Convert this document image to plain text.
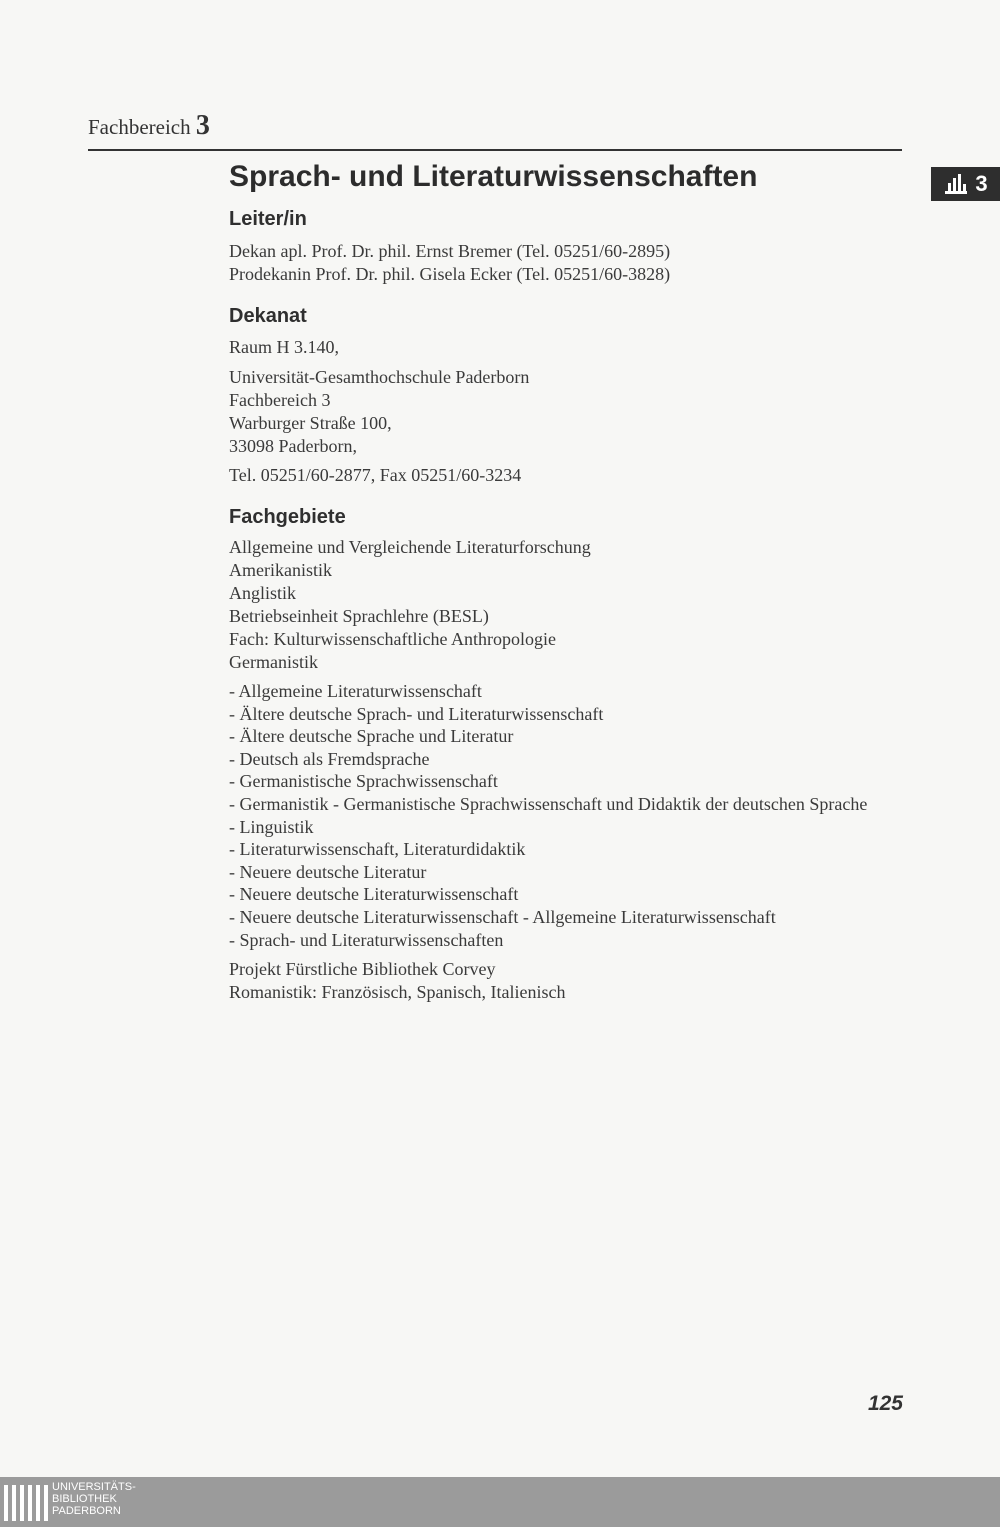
Fachbereich 3
3
Sprach- und Literaturwissenschaften
Leiter/in
Dekan apl. Prof. Dr. phil. Ernst Bremer (Tel. 05251/60-2895)
Prodekanin Prof. Dr. phil. Gisela Ecker (Tel. 05251/60-3828)
Dekanat
Raum H 3.140,
Universität-Gesamthochschule Paderborn
Fachbereich 3
Warburger Straße 100,
33098 Paderborn,
Tel. 05251/60-2877, Fax 05251/60-3234
Fachgebiete
Allgemeine und Vergleichende Literaturforschung
Amerikanistik
Anglistik
Betriebseinheit Sprachlehre (BESL)
Fach: Kulturwissenschaftliche Anthropologie
Germanistik
- Allgemeine Literaturwissenschaft
- Ältere deutsche Sprach- und Literaturwissenschaft
- Ältere deutsche Sprache und Literatur
- Deutsch als Fremdsprache
- Germanistische Sprachwissenschaft
- Germanistik - Germanistische Sprachwissenschaft und Didaktik der deutschen Sprache
- Linguistik
- Literaturwissenschaft, Literaturdidaktik
- Neuere deutsche Literatur
- Neuere deutsche Literaturwissenschaft
- Neuere deutsche Literaturwissenschaft - Allgemeine Literaturwissenschaft
- Sprach- und Literaturwissenschaften
Projekt Fürstliche Bibliothek Corvey
Romanistik: Französisch, Spanisch, Italienisch
125
UNIVERSITÄTS-
BIBLIOTHEK
PADERBORN
